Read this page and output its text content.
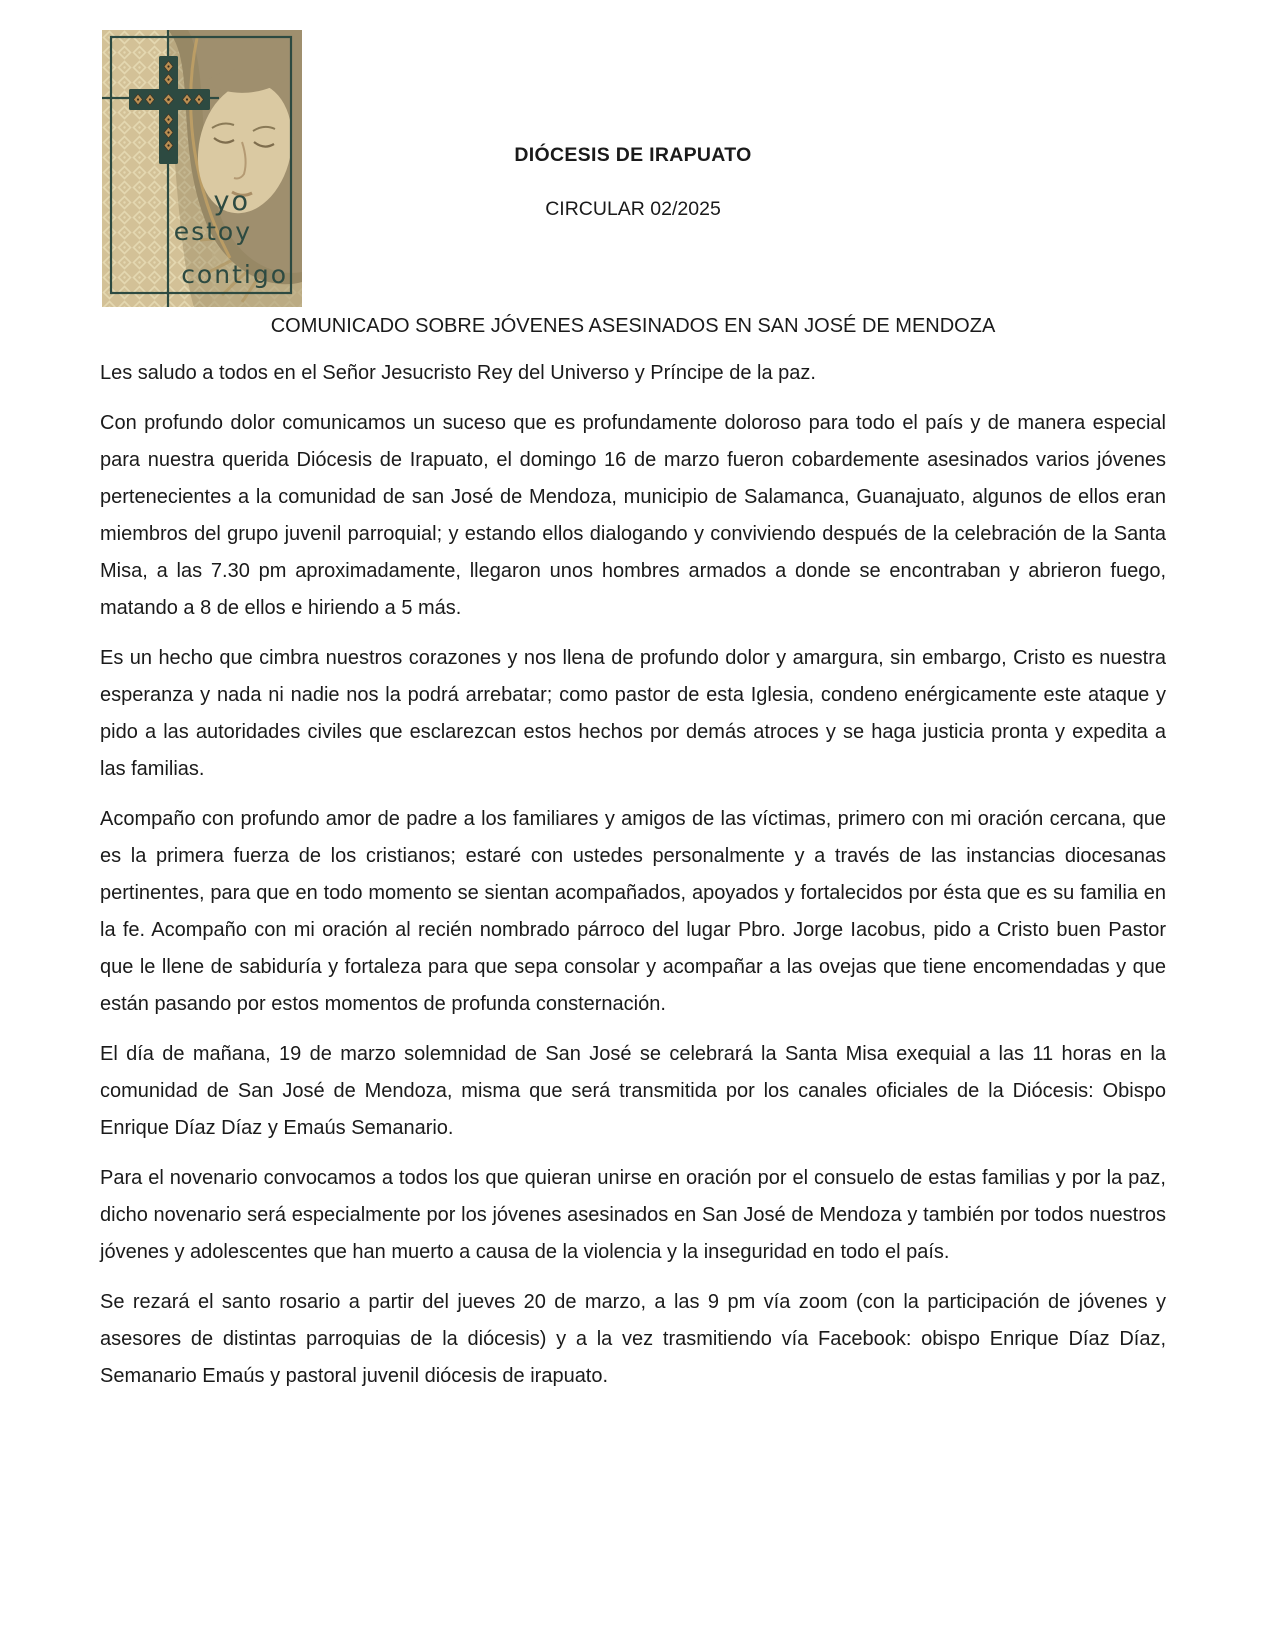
yo
estoy
contigo
DIÓCESIS DE IRAPUATO
CIRCULAR 02/2025
COMUNICADO SOBRE JÓVENES ASESINADOS EN SAN JOSÉ DE MENDOZA

Les saludo a todos en el Señor Jesucristo Rey del Universo y Príncipe de la paz.

Con profundo dolor comunicamos un suceso que es profundamente doloroso para todo el país y de manera especial para nuestra querida Diócesis de Irapuato, el domingo 16 de marzo fueron cobardemente asesinados varios jóvenes pertenecientes a la comunidad de san José de Mendoza, municipio de Salamanca, Guanajuato, algunos de ellos eran miembros del grupo juvenil parroquial; y estando ellos dialogando y conviviendo después de la celebración de la Santa Misa, a las 7.30 pm aproximadamente, llegaron unos hombres armados a donde se encontraban y abrieron fuego, matando a 8 de ellos e hiriendo a 5 más.

Es un hecho que cimbra nuestros corazones y nos llena de profundo dolor y amargura, sin embargo, Cristo es nuestra esperanza y nada ni nadie nos la podrá arrebatar; como pastor de esta Iglesia, condeno enérgicamente este ataque y pido a las autoridades civiles que esclarezcan estos hechos por demás atroces y se haga justicia pronta y expedita a las familias.

Acompaño con profundo amor de padre a los familiares y amigos de las víctimas, primero con mi oración cercana, que es la primera fuerza de los cristianos; estaré con ustedes personalmente y a través de las instancias diocesanas pertinentes, para que en todo momento se sientan acompañados, apoyados y fortalecidos por ésta que es su familia en la fe. Acompaño con mi oración al recién nombrado párroco del lugar Pbro. Jorge Iacobus, pido a Cristo buen Pastor que le llene de sabiduría y fortaleza para que sepa consolar y acompañar a las ovejas que tiene encomendadas y que están pasando por estos momentos de profunda consternación.

El día de mañana, 19 de marzo solemnidad de San José se celebrará la Santa Misa exequial a las 11 horas en la comunidad de San José de Mendoza, misma que será transmitida por los canales oficiales de la Diócesis: Obispo Enrique Díaz Díaz y Emaús Semanario.

Para el novenario convocamos a todos los que quieran unirse en oración por el consuelo de estas familias y por la paz, dicho novenario será especialmente por los jóvenes asesinados en San José de Mendoza y también por todos nuestros jóvenes y adolescentes que han muerto a causa de la violencia y la inseguridad en todo el país.

Se rezará el santo rosario a partir del jueves 20 de marzo, a las 9 pm vía zoom (con la participación de jóvenes y asesores de distintas parroquias de la diócesis) y a la vez trasmitiendo vía Facebook: obispo Enrique Díaz Díaz, Semanario Emaús y pastoral juvenil diócesis de irapuato.
